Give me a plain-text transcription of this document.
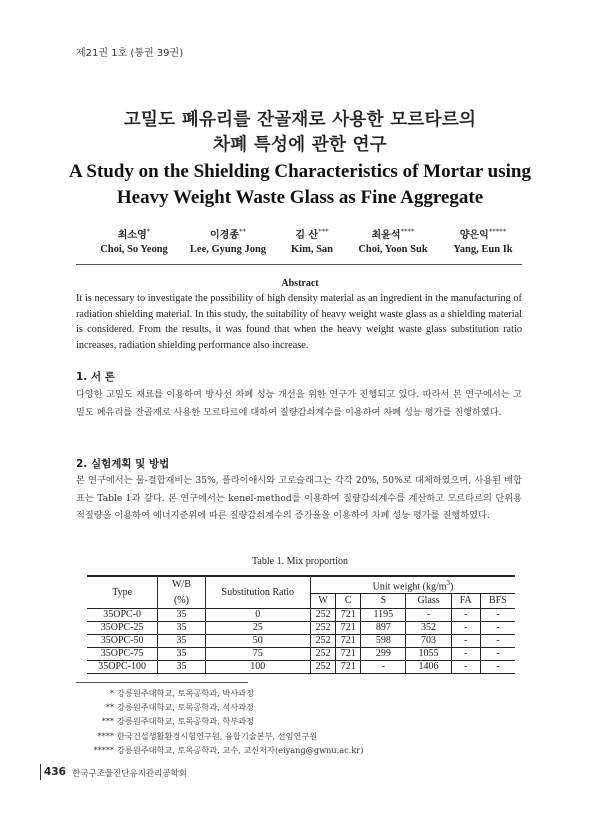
제21권 1호 (통권 39권)
고밀도 폐유리를 잔골재로 사용한 모르타르의
차폐 특성에 관한 연구
A Study on the Shielding Characteristics of Mortar using
Heavy Weight Waste Glass as Fine Aggregate
최소영*
Choi, So Yeong
이경종**
Lee, Gyung Jong
김 산***
Kim, San
최윤석****
Choi, Yoon Suk
양은익*****
Yang, Eun Ik
Abstract
It is necessary to investigate the possibility of high density material as an ingredient in the manufacturing of radiation shielding material. In this study, the suitability of heavy weight waste glass as a shielding material is considered. From the results, it was found that when the heavy weight waste glass substitution ratio increases, radiation shielding performance also increase.
1. 서 론
다양한 고밀도 재료를 이용하여 방사선 차폐 성능 개선을 위한 연구가 진행되고 있다. 따라서 본 연구에서는 고밀도 폐유리를 잔골재로 사용한 모르타르에 대하여 질량감쇠계수를 이용하여 차폐 성능 평가를 진행하였다.
2. 실험계획 및 방법
본 연구에서는 물-결합재비는 35%, 플라이애시와 고로슬래그는 각각 20%, 50%로 대체하였으며, 사용된 배합표는 Table 1과 같다. 본 연구에서는 kenel-method를 이용하여 질량감쇠계수를 계산하고 모르타르의 단위용적질량을 이용하여 에너지준위에 따른 질량감쇠계수의 증가율을 이용하여 차폐 성능 평가를 진행하였다.
Table 1. Mix proportion
Type	W/B	Substitution Ratio	Unit weight $(kg/m^3)$					
	(%)		W	C	S	Glass	FA	BFS
35OPC-0	35	0	252	721	1195	-	-	-
35OPC-25	35	25	252	721	897	352	-	-
35OPC-50	35	50	252	721	598	703	-	-
35OPC-75	35	75	252	721	299	1055	-	-
35OPC-100	35	100	252	721	-	1406	-	-
* 강릉원주대학교, 토목공학과, 박사과정
** 강릉원주대학교, 토목공학과, 석사과정
*** 강릉원주대학교, 토목공학과, 학부과정
**** 한국건설생활환경시험연구원, 융합기술본부, 선임연구원
***** 강릉원주대학교, 토목공학과, 교수, 교신저자(eiyang@gwnu.ac.kr)
436 한국구조물진단유지관리공학회
